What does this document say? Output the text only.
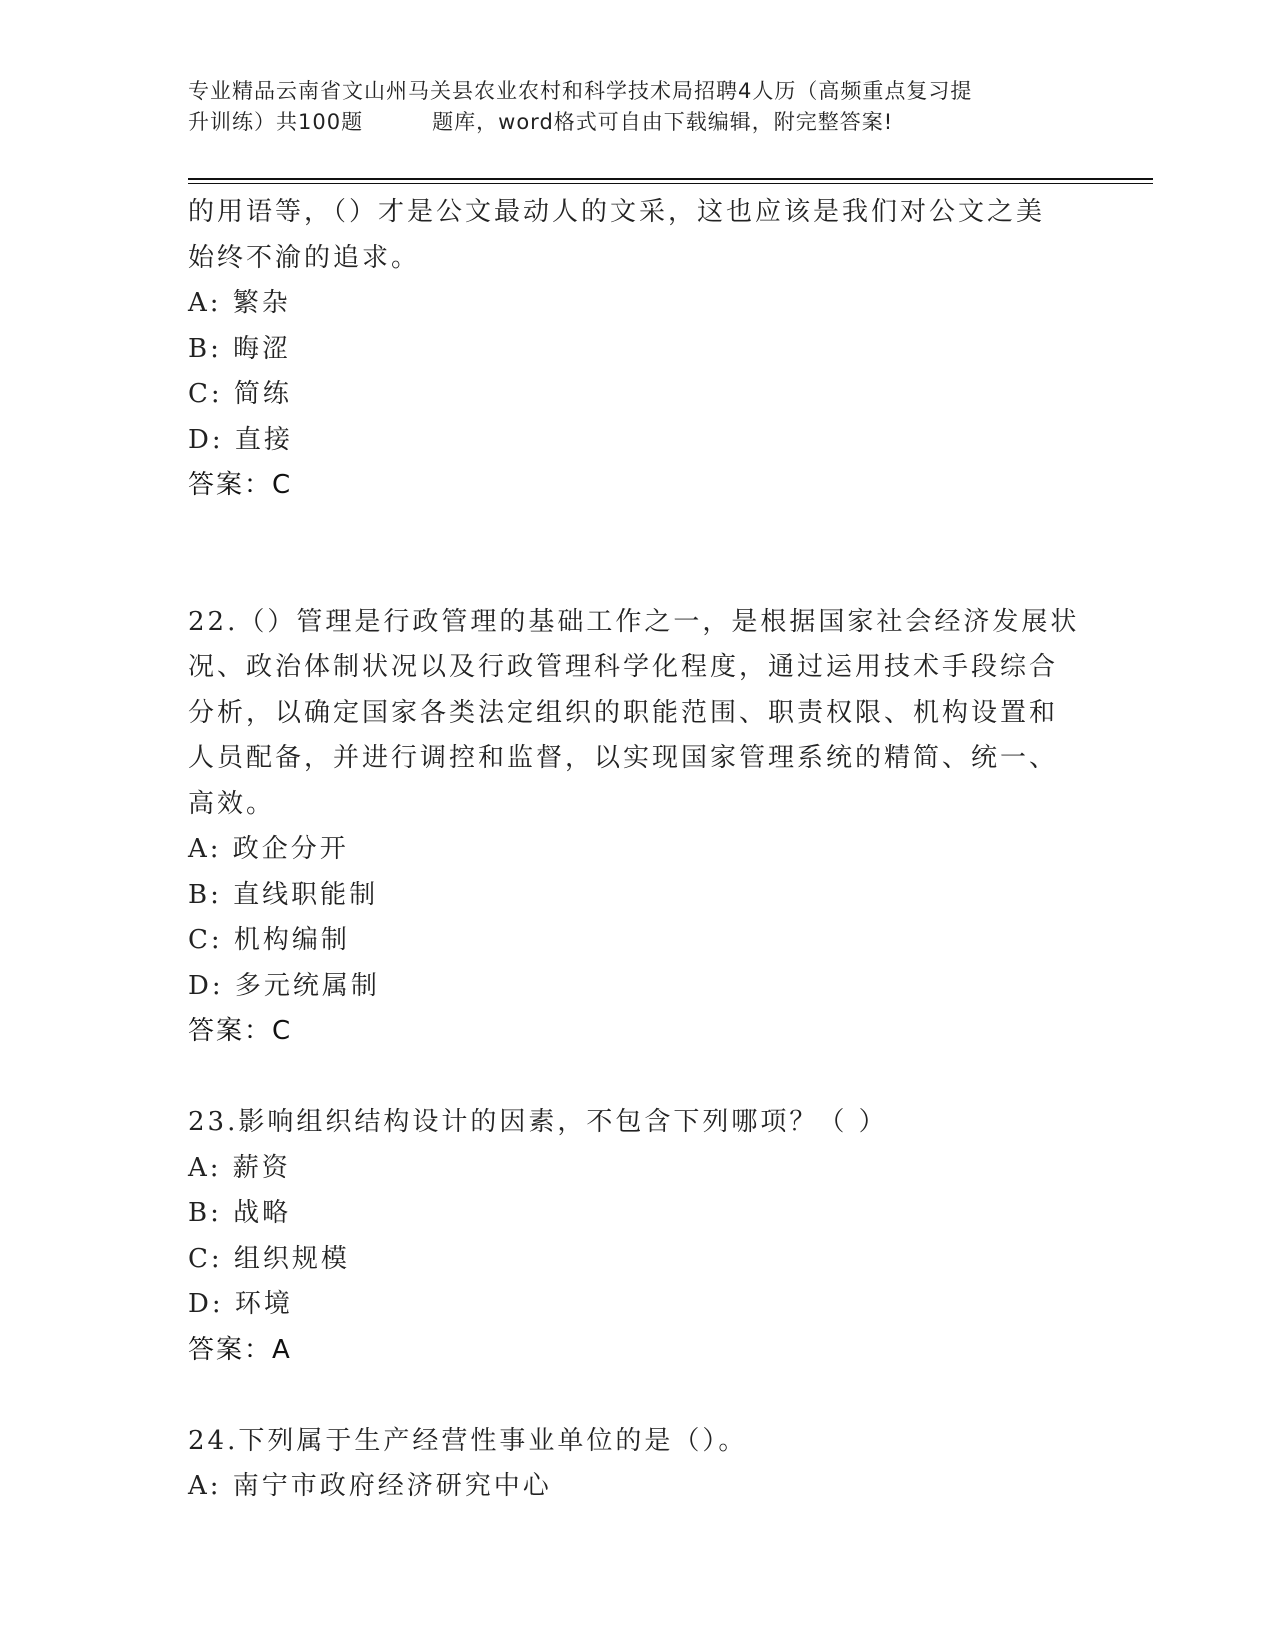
专业精品云南省文山州马关县农业农村和科学技术局招聘4人历（高频重点复习提
升训练）共100题         题库，word格式可自由下载编辑，附完整答案!
的用语等，（）才是公文最动人的文采，这也应该是我们对公文之美
始终不渝的追求。
A: 繁杂
B: 晦涩
C: 简练
D: 直接
答案：C
22.（）管理是行政管理的基础工作之一，是根据国家社会经济发展状
况、政治体制状况以及行政管理科学化程度，通过运用技术手段综合
分析，以确定国家各类法定组织的职能范围、职责权限、机构设置和
人员配备，并进行调控和监督，以实现国家管理系统的精简、统一、
高效。
A: 政企分开
B: 直线职能制
C: 机构编制
D: 多元统属制
答案：C
23.影响组织结构设计的因素，不包含下列哪项？（ ）
A: 薪资
B: 战略
C: 组织规模
D: 环境
答案：A
24.下列属于生产经营性事业单位的是（）。
A: 南宁市政府经济研究中心
